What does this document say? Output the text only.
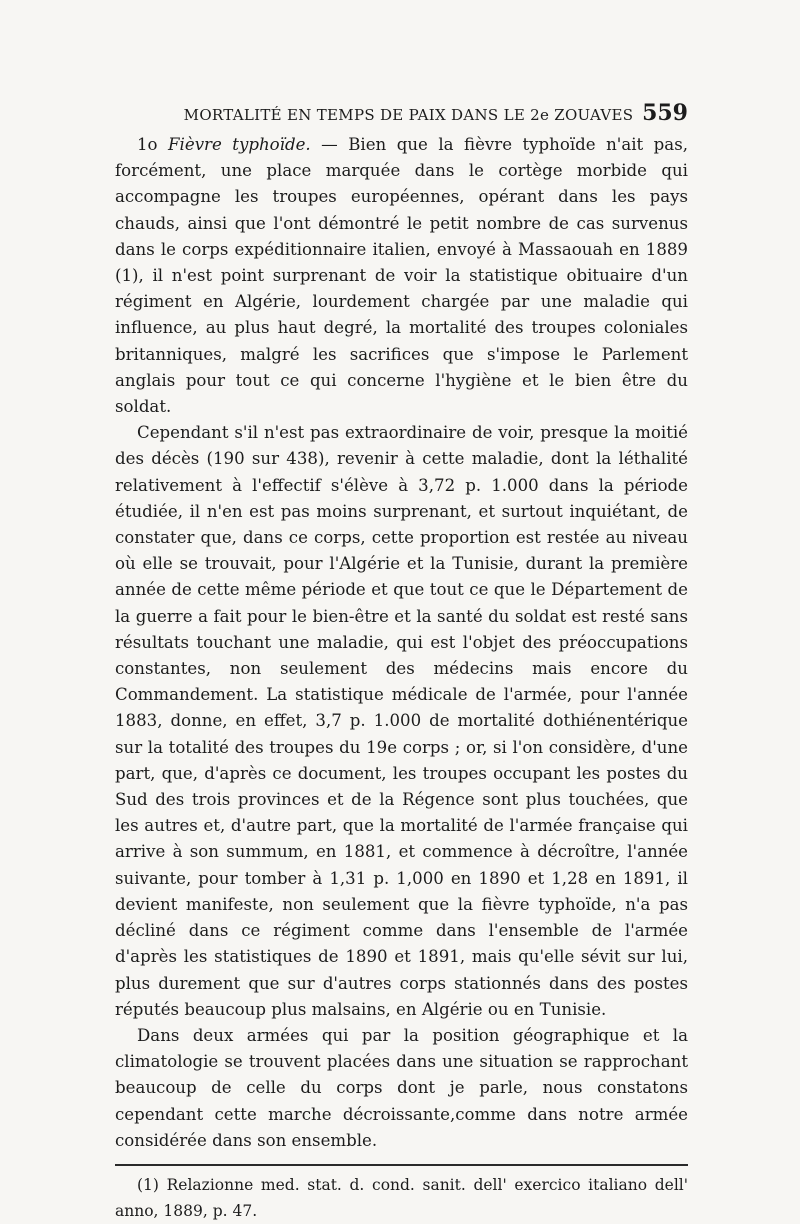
MORTALITÉ EN TEMPS DE PAIX DANS LE 2e ZOUAVES 559

1o Fièvre typhoïde. — Bien que la fièvre typhoïde n'ait pas, forcément, une place marquée dans le cortège morbide qui accompagne les troupes européennes, opérant dans les pays chauds, ainsi que l'ont démontré le petit nombre de cas survenus dans le corps expéditionnaire italien, envoyé à Massaouah en 1889 (1), il n'est point surprenant de voir la statistique obituaire d'un régiment en Algérie, lourdement chargée par une maladie qui influence, au plus haut degré, la mortalité des troupes coloniales britanniques, malgré les sacrifices que s'impose le Parlement anglais pour tout ce qui concerne l'hygiène et le bien être du soldat.

Cependant s'il n'est pas extraordinaire de voir, presque la moitié des décès (190 sur 438), revenir à cette maladie, dont la léthalité relativement à l'effectif s'élève à 3,72 p. 1.000 dans la période étudiée, il n'en est pas moins surprenant, et surtout inquiétant, de constater que, dans ce corps, cette proportion est restée au niveau où elle se trouvait, pour l'Algérie et la Tunisie, durant la première année de cette même période et que tout ce que le Département de la guerre a fait pour le bien-être et la santé du soldat est resté sans résultats touchant une maladie, qui est l'objet des préoccupations constantes, non seulement des médecins mais encore du Commandement. La statistique médicale de l'armée, pour l'année 1883, donne, en effet, 3,7 p. 1.000 de mortalité dothiénentérique sur la totalité des troupes du 19e corps ; or, si l'on considère, d'une part, que, d'après ce document, les troupes occupant les postes du Sud des trois provinces et de la Régence sont plus touchées, que les autres et, d'autre part, que la mortalité de l'armée française qui arrive à son summum, en 1881, et commence à décroître, l'année suivante, pour tomber à 1,31 p. 1,000 en 1890 et 1,28 en 1891, il devient manifeste, non seulement que la fièvre typhoïde, n'a pas décliné dans ce régiment comme dans l'ensemble de l'armée d'après les statistiques de 1890 et 1891, mais qu'elle sévit sur lui, plus durement que sur d'autres corps stationnés dans des postes réputés beaucoup plus malsains, en Algérie ou en Tunisie.

Dans deux armées qui par la position géographique et la climatologie se trouvent placées dans une situation se rapprochant beaucoup de celle du corps dont je parle, nous constatons cependant cette marche décroissante,comme dans notre armée considérée dans son ensemble.

(1) Relazionne med. stat. d. cond. sanit. dell' exercico italiano dell' anno, 1889, p. 47.
